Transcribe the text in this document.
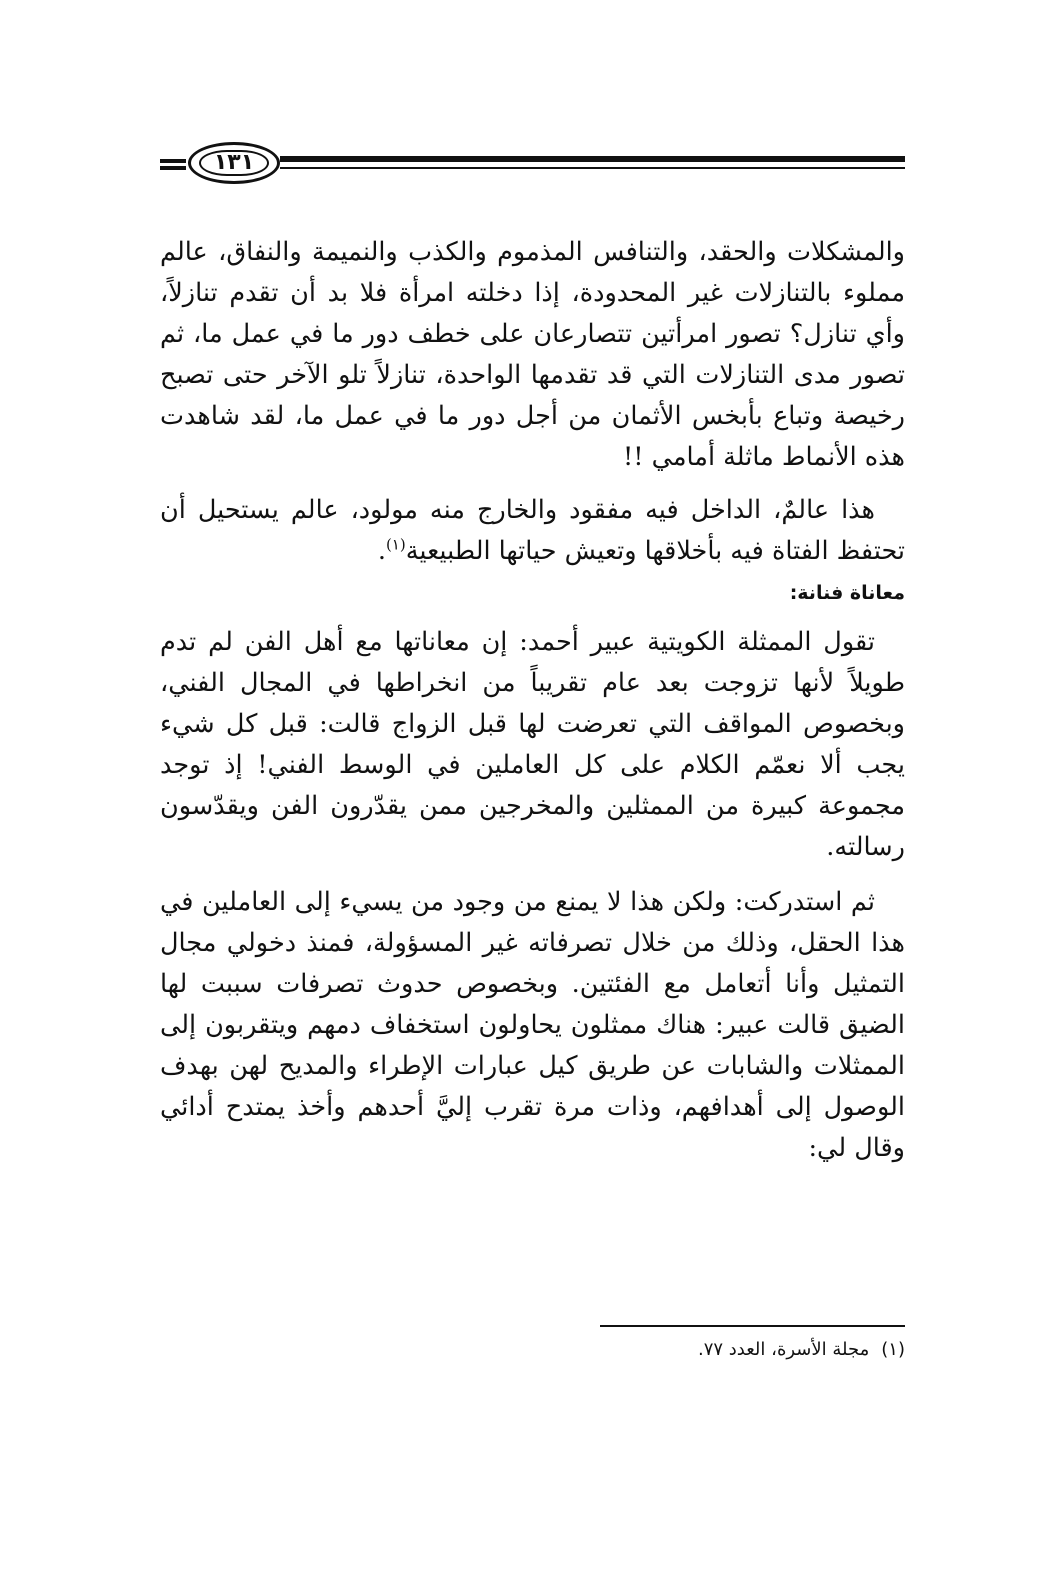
١٣١

والمشكلات والحقد، والتنافس المذموم والكذب والنميمة والنفاق، عالم مملوء بالتنازلات غير المحدودة، إذا دخلته امرأة فلا بد أن تقدم تنازلاً، وأي تنازل؟ تصور امرأتين تتصارعان على خطف دور ما في عمل ما، ثم تصور مدى التنازلات التي قد تقدمها الواحدة، تنازلاً تلو الآخر حتى تصبح رخيصة وتباع بأبخس الأثمان من أجل دور ما في عمل ما، لقد شاهدت هذه الأنماط ماثلة أمامي !!

هذا عالمٌ، الداخل فيه مفقود والخارج منه مولود، عالم يستحيل أن تحتفظ الفتاة فيه بأخلاقها وتعيش حياتها الطبيعية$^{(١)}$.

معاناة فنانة:

تقول الممثلة الكويتية عبير أحمد: إن معاناتها مع أهل الفن لم تدم طويلاً لأنها تزوجت بعد عام تقريباً من انخراطها في المجال الفني، وبخصوص المواقف التي تعرضت لها قبل الزواج قالت: قبل كل شيء يجب ألا نعمّم الكلام على كل العاملين في الوسط الفني! إذ توجد مجموعة كبيرة من الممثلين والمخرجين ممن يقدّرون الفن ويقدّسون رسالته.

ثم استدركت: ولكن هذا لا يمنع من وجود من يسيء إلى العاملين في هذا الحقل، وذلك من خلال تصرفاته غير المسؤولة، فمنذ دخولي مجال التمثيل وأنا أتعامل مع الفئتين. وبخصوص حدوث تصرفات سببت لها الضيق قالت عبير: هناك ممثلون يحاولون استخفاف دمهم ويتقربون إلى الممثلات والشابات عن طريق كيل عبارات الإطراء والمديح لهن بهدف الوصول إلى أهدافهم، وذات مرة تقرب إليَّ أحدهم وأخذ يمتدح أدائي وقال لي:

(١)مجلة الأسرة، العدد ٧٧.
